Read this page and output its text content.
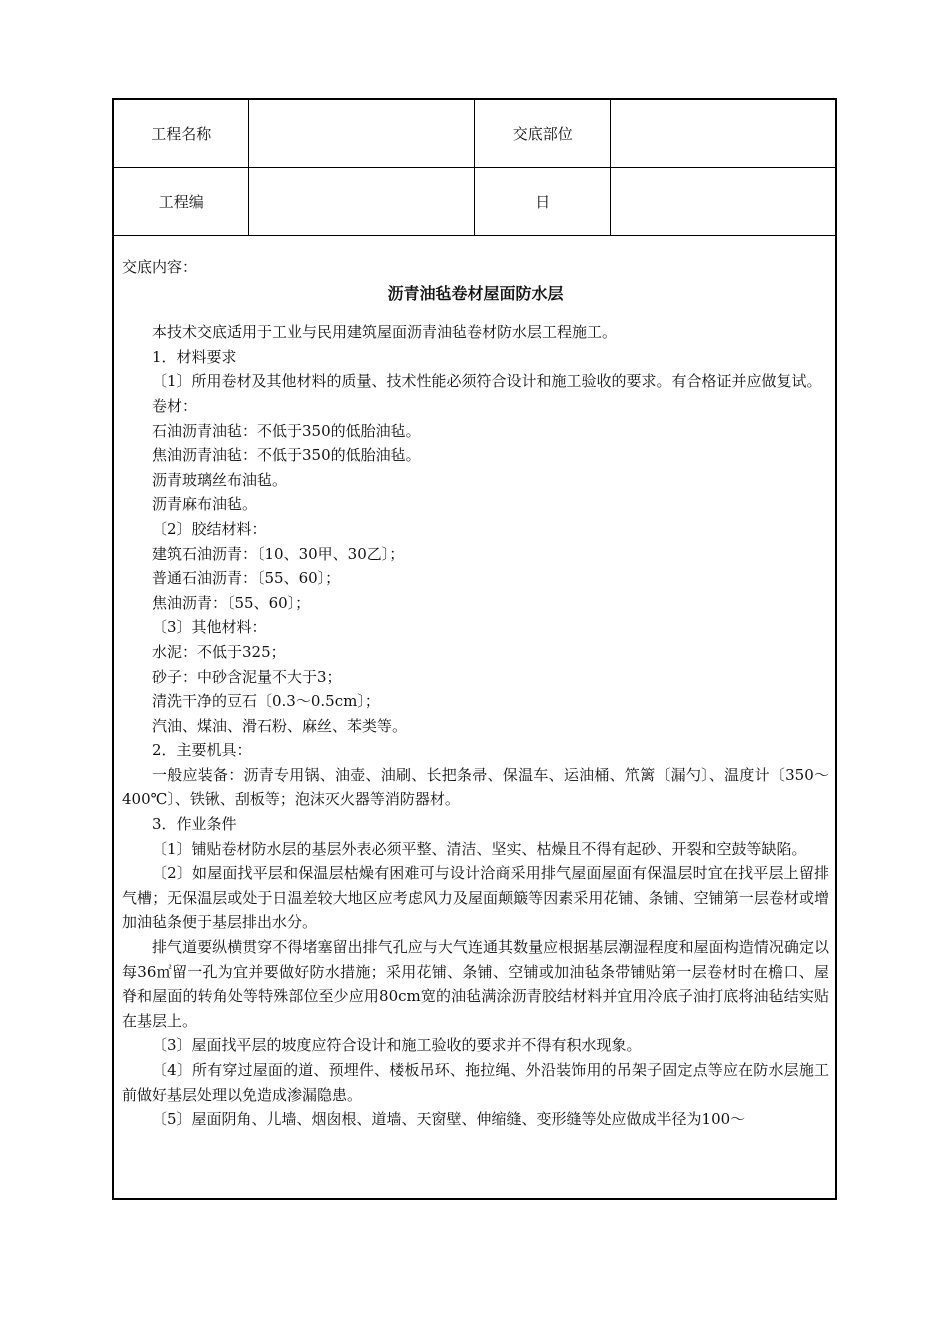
工程名称		交底部位	
工程编		日	

交底内容：

沥青油毡卷材屋面防水层

本技术交底适用于工业与民用建筑屋面沥青油毡卷材防水层工程施工。

1．材料要求

〔1〕所用卷材及其他材料的质量、技术性能必须符合设计和施工验收的要求。有合格证并应做复试。

卷材：

石油沥青油毡：不低于350的低胎油毡。

焦油沥青油毡：不低于350的低胎油毡。

沥青玻璃丝布油毡。

沥青麻布油毡。

〔2〕胶结材料：

建筑石油沥青：〔10、30甲、30乙〕；

普通石油沥青：〔55、60〕；

焦油沥青：〔55、60〕；

〔3〕其他材料：

水泥：不低于325；

砂子：中砂含泥量不大于3；

清洗干净的豆石〔0.3～0.5cm〕；

汽油、煤油、滑石粉、麻丝、苯类等。

2．主要机具：

一般应装备：沥青专用锅、油壶、油刷、长把条帚、保温车、运油桶、笊篱〔漏勺〕、温度计〔350～400℃〕、铁锹、刮板等；泡沫灭火器等消防器材。

3．作业条件

〔1〕铺贴卷材防水层的基层外表必须平整、清洁、坚实、枯燥且不得有起砂、开裂和空鼓等缺陷。

〔2〕如屋面找平层和保温层枯燥有困难可与设计洽商采用排气屋面屋面有保温层时宜在找平层上留排气槽；无保温层或处于日温差较大地区应考虑风力及屋面颠簸等因素采用花铺、条铺、空铺第一层卷材或增加油毡条便于基层排出水分。

排气道要纵横贯穿不得堵塞留出排气孔应与大气连通其数量应根据基层潮湿程度和屋面构造情况确定以每36㎡留一孔为宜并要做好防水措施；采用花铺、条铺、空铺或加油毡条带铺贴第一层卷材时在檐口、屋脊和屋面的转角处等特殊部位至少应用80cm宽的油毡满涂沥青胶结材料并宜用冷底子油打底将油毡结实贴在基层上。

〔3〕屋面找平层的坡度应符合设计和施工验收的要求并不得有积水现象。

〔4〕所有穿过屋面的道、预埋件、楼板吊环、拖拉绳、外沿装饰用的吊架子固定点等应在防水层施工前做好基层处理以免造成渗漏隐患。

〔5〕屋面阴角、儿墙、烟囱根、道墙、天窗壁、伸缩缝、变形缝等处应做成半径为100～
